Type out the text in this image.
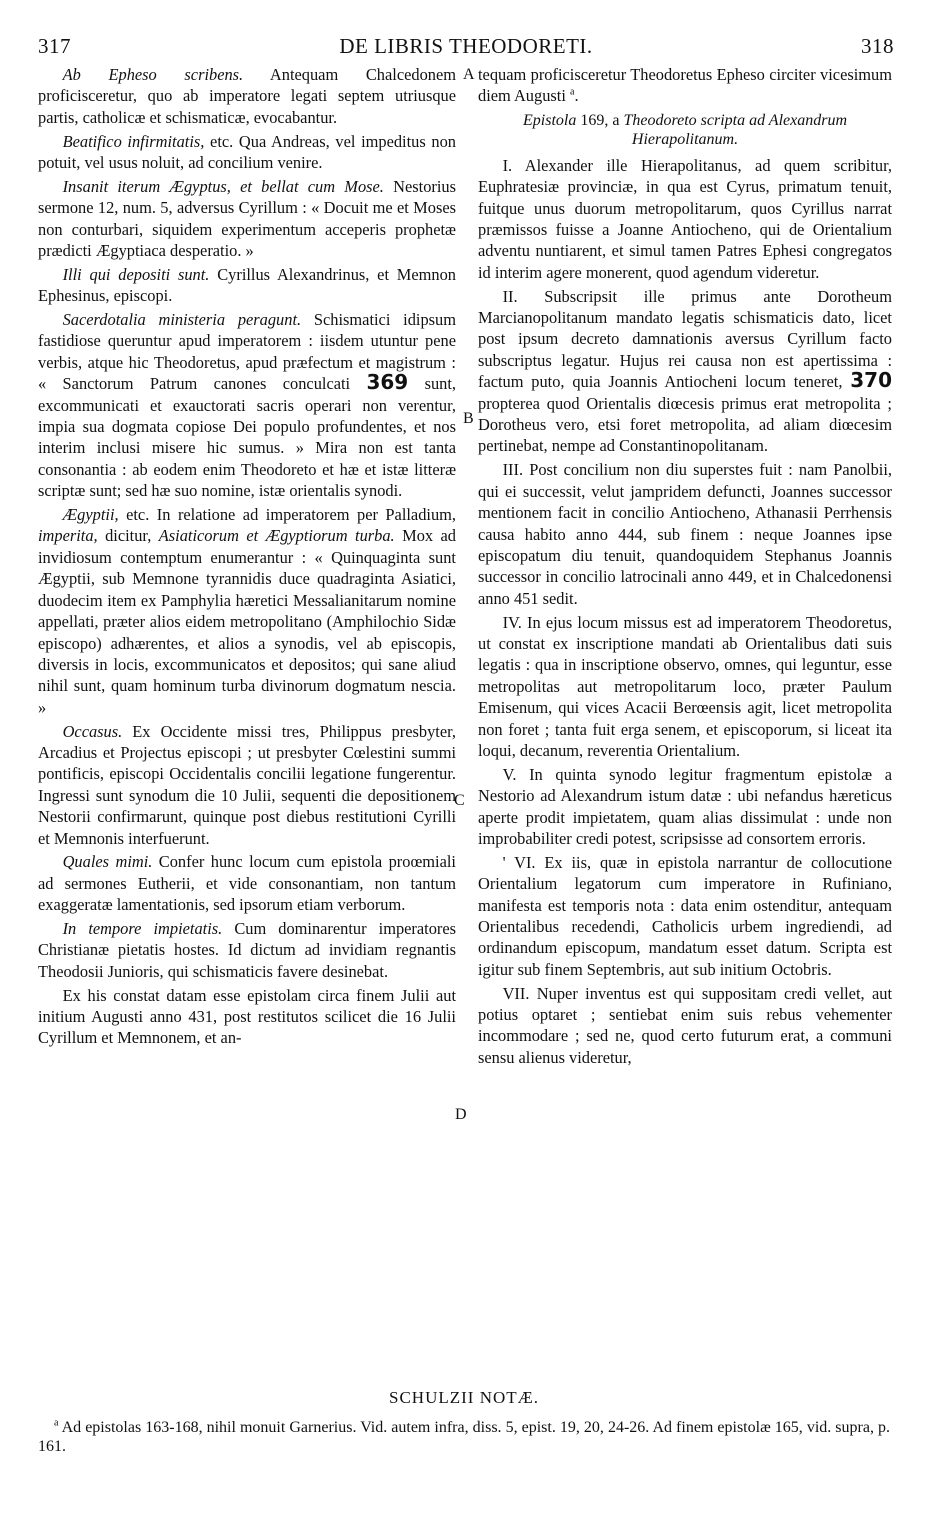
317	DE LIBRIS THEODORETI.	318
A
B
C
D

Ab Epheso scribens. Antequam Chalcedonem proficisceretur, quo ab imperatore legati septem utriusque partis, catholicæ et schismaticæ, evocabantur.

Beatifico infirmitatis, etc. Qua Andreas, vel impeditus non potuit, vel usus noluit, ad concilium venire.

Insanit iterum Ægyptus, et bellat cum Mose. Nestorius sermone 12, num. 5, adversus Cyrillum : « Docuit me et Moses non conturbari, siquidem experimentum acceperis prophetæ prædicti Ægyptiaca desperatio. »

Illi qui depositi sunt. Cyrillus Alexandrinus, et Memnon Ephesinus, episcopi.

Sacerdotalia ministeria peragunt. Schismatici idipsum fastidiose queruntur apud imperatorem : iisdem utuntur pene verbis, atque hic Theodoretus, apud præfectum et magistrum : « Sanctorum Patrum canones conculcati 369 sunt, excommunicati et exauctorati sacris operari non verentur, impia sua dogmata copiose Dei populo profundentes, et nos interim inclusi misere hic sumus. » Mira non est tanta consonantia : ab eodem enim Theodoreto et hæ et istæ litteræ scriptæ sunt; sed hæ suo nomine, istæ orientalis synodi.

Ægyptii, etc. In relatione ad imperatorem per Palladium, imperita, dicitur, Asiaticorum et Ægyptiorum turba. Mox ad invidiosum contemptum enumerantur : « Quinquaginta sunt Ægyptii, sub Memnone tyrannidis duce quadraginta Asiatici, duodecim item ex Pamphylia hæretici Messalianitarum nomine appellati, præter alios eidem metropolitano (Amphilochio Sidæ episcopo) adhærentes, et alios a synodis, vel ab episcopis, diversis in locis, excommunicatos et depositos; qui sane aliud nihil sunt, quam hominum turba divinorum dogmatum nescia. »

Occasus. Ex Occidente missi tres, Philippus presbyter, Arcadius et Projectus episcopi ; ut presbyter Cœlestini summi pontificis, episcopi Occidentalis concilii legatione fungerentur. Ingressi sunt synodum die 10 Julii, sequenti die depositionem Nestorii confirmarunt, quinque post diebus restitutioni Cyrilli et Memnonis interfuerunt.

Quales mimi. Confer hunc locum cum epistola proœmiali ad sermones Eutherii, et vide consonantiam, non tantum exaggeratæ lamentationis, sed ipsorum etiam verborum.

In tempore impietatis. Cum dominarentur imperatores Christianæ pietatis hostes. Id dictum ad invidiam regnantis Theodosii Junioris, qui schismaticis favere desinebat.

Ex his constat datam esse epistolam circa finem Julii aut initium Augusti anno 431, post restitutos scilicet die 16 Julii Cyrillum et Memnonem, et an-

tequam proficisceretur Theodoretus Epheso circiter vicesimum diem Augusti $^a$.

Epistola 169, a Theodoreto scripta ad Alexandrum Hierapolitanum.

I. Alexander ille Hierapolitanus, ad quem scribitur, Euphratesiæ provinciæ, in qua est Cyrus, primatum tenuit, fuitque unus duorum metropolitarum, quos Cyrillus narrat præmissos fuisse a Joanne Antiocheno, qui de Orientalium adventu nuntiarent, et simul tamen Patres Ephesi congregatos id interim agere monerent, quod agendum videretur.

II. Subscripsit ille primus ante Dorotheum Marcianopolitanum mandato legatis schismaticis dato, licet post ipsum decreto damnationis aversus Cyrillum facto subscriptus legatur. Hujus rei causa non est apertissima : factum puto, quia Joannis Antiocheni locum teneret, 370 propterea quod Orientalis diœcesis primus erat metropolita ; Dorotheus vero, etsi foret metropolita, ad aliam diœcesim pertinebat, nempe ad Constantinopolitanam.

III. Post concilium non diu superstes fuit : nam Panolbii, qui ei successit, velut jampridem defuncti, Joannes successor mentionem facit in concilio Antiocheno, Athanasii Perrhensis causa habito anno 444, sub finem : neque Joannes ipse episcopatum diu tenuit, quandoquidem Stephanus Joannis successor in concilio latrocinali anno 449, et in Chalcedonensi anno 451 sedit.

IV. In ejus locum missus est ad imperatorem Theodoretus, ut constat ex inscriptione mandati ab Orientalibus dati suis legatis : qua in inscriptione observo, omnes, qui leguntur, esse metropolitas aut metropolitarum loco, præter Paulum Emisenum, qui vices Acacii Berœensis agit, licet metropolita non foret ; tanta fuit erga senem, et episcoporum, si liceat ita loqui, decanum, reverentia Orientalium.

V. In quinta synodo legitur fragmentum epistolæ a Nestorio ad Alexandrum istum datæ : ubi nefandus hæreticus aperte prodit impietatem, quam alias dissimulat : unde non improbabiliter credi potest, scripsisse ad consortem erroris.

' VI. Ex iis, quæ in epistola narrantur de collocutione Orientalium legatorum cum imperatore in Rufiniano, manifesta est temporis nota : data enim ostenditur, antequam Orientalibus recedendi, Catholicis urbem ingrediendi, ad ordinandum episcopum, mandatum esset datum. Scripta est igitur sub finem Septembris, aut sub initium Octobris.

VII. Nuper inventus est qui suppositam credi vellet, aut potius optaret ; sentiebat enim suis rebus vehementer incommodare ; sed ne, quod certo futurum erat, a communi sensu alienus videretur,

SCHULZII NOTÆ.
$^a$ Ad epistolas 163-168, nihil monuit Garnerius. Vid. autem infra, diss. 5, epist. 19, 20, 24-26. Ad finem epistolæ 165, vid. supra, p. 161.
